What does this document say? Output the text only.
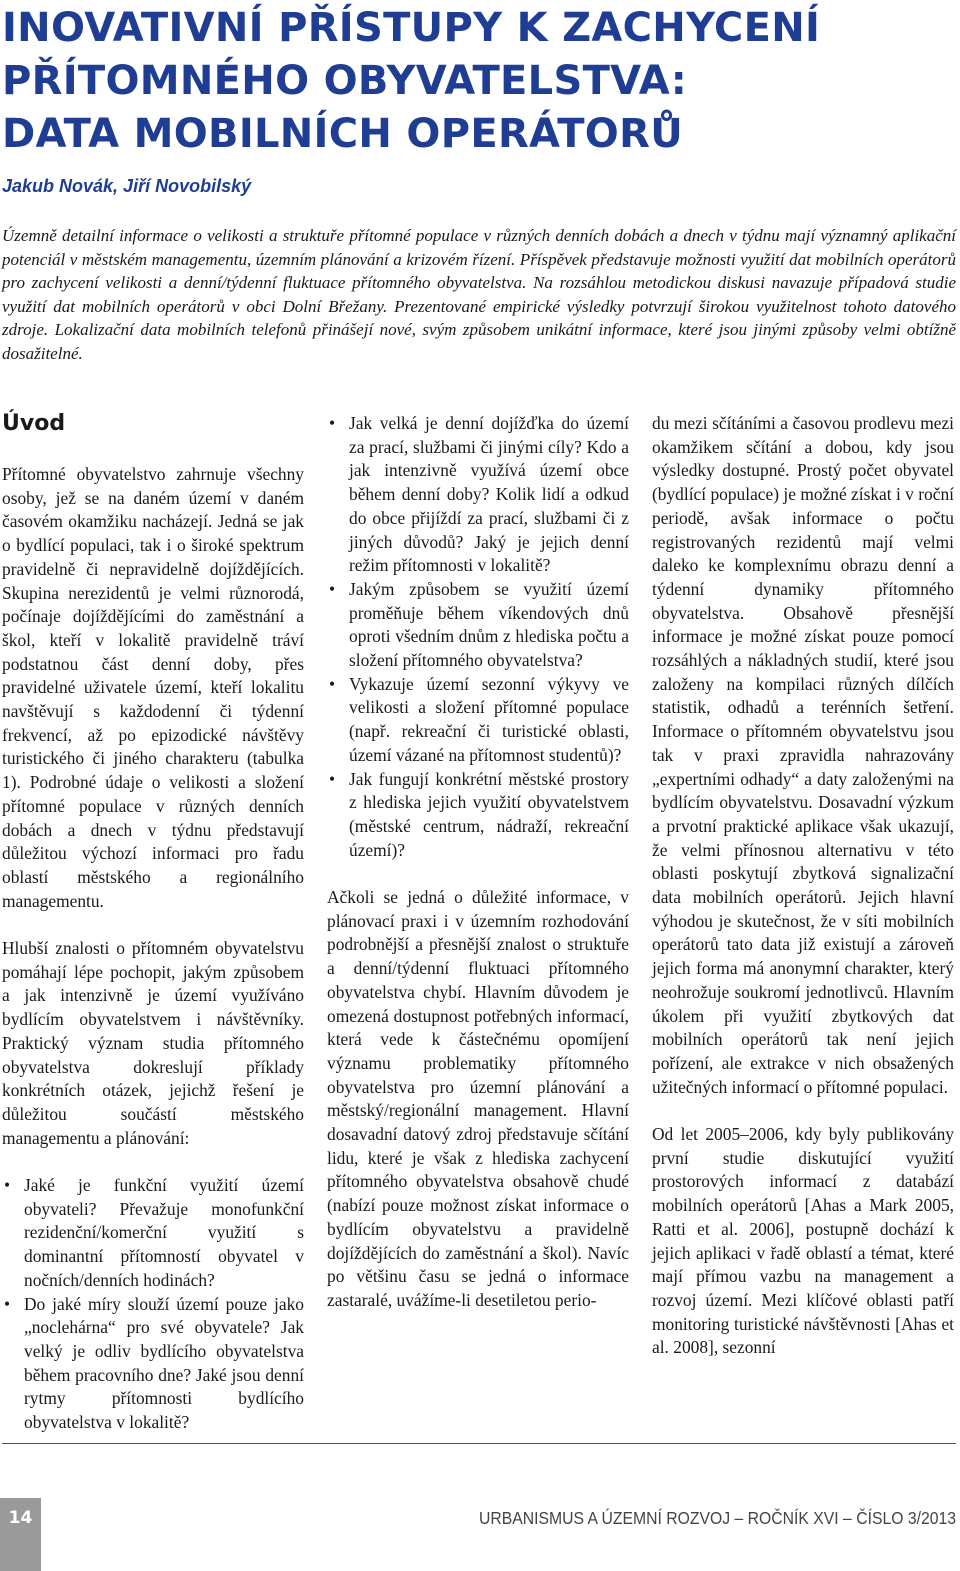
INOVATIVNÍ PŘÍSTUPY K ZACHYCENÍ
PŘÍTOMNÉHO OBYVATELSTVA:
DATA MOBILNÍCH OPERÁTORŮ

Jakub Novák, Jiří Novobilský

Územně detailní informace o velikosti a struktuře přítomné populace v různých denních dobách a dnech v týdnu mají významný aplikační potenciál v městském managementu, územním plánování a krizovém řízení. Příspěvek představuje možnosti využití dat mobilních operátorů pro zachycení velikosti a denní/týdenní fluktuace přítomného obyvatelstva. Na rozsáhlou metodickou diskusi navazuje případová studie využití dat mobilních operátorů v obci Dolní Břežany. Prezentované empirické výsledky potvrzují širokou využitelnost tohoto datového zdroje. Lokalizační data mobilních telefonů přinášejí nové, svým způsobem unikátní informace, které jsou jinými způsoby velmi obtížně dosažitelné.

Úvod

Přítomné obyvatelstvo zahrnuje všechny osoby, jež se na daném území v daném časovém okamžiku nacházejí. Jedná se jak o bydlící populaci, tak i o široké spektrum pravidelně či nepravidelně dojíždějících. Skupina nerezidentů je velmi různorodá, počínaje dojíždějícími do zaměstnání a škol, kteří v lokalitě pravidelně tráví podstatnou část denní doby, přes pravidelné uživatele území, kteří lokalitu navštěvují s každodenní či týdenní frekvencí, až po epizodické návštěvy turistického či jiného charakteru (tabulka 1). Podrobné údaje o velikosti a složení přítomné populace v různých denních dobách a dnech v týdnu představují důležitou výchozí informaci pro řadu oblastí městského a regionálního managementu.

Hlubší znalosti o přítomném obyvatelstvu pomáhají lépe pochopit, jakým způsobem a jak intenzivně je území využíváno bydlícím obyvatelstvem i návštěvníky. Praktický význam studia přítomného obyvatelstva dokreslují příklady konkrétních otázek, jejichž řešení je důležitou součástí městského managementu a plánování:

• Jaké je funkční využití území obyvateli? Převažuje monofunkční rezidenční/komerční využití s dominantní přítomností obyvatel v nočních/denních hodinách?
• Do jaké míry slouží území pouze jako „noclehárna“ pro své obyvatele? Jak velký je odliv bydlícího obyvatelstva během pracovního dne? Jaké jsou denní rytmy přítomnosti bydlícího obyvatelstva v lokalitě?
• Jak velká je denní dojížďka do území za prací, službami či jinými cíly? Kdo a jak intenzivně využívá území obce během denní doby? Kolik lidí a odkud do obce přijíždí za prací, službami či z jiných důvodů? Jaký je jejich denní režim přítomnosti v lokalitě?
• Jakým způsobem se využití území proměňuje během víkendových dnů oproti všedním dnům z hlediska počtu a složení přítomného obyvatelstva?
• Vykazuje území sezonní výkyvy ve velikosti a složení přítomné populace (např. rekreační či turistické oblasti, území vázané na přítomnost studentů)?
• Jak fungují konkrétní městské prostory z hlediska jejich využití obyvatelstvem (městské centrum, nádraží, rekreační území)?

Ačkoli se jedná o důležité informace, v plánovací praxi i v územním rozhodování podrobnější a přesnější znalost o struktuře a denní/týdenní fluktuaci přítomného obyvatelstva chybí. Hlavním důvodem je omezená dostupnost potřebných informací, která vede k částečnému opomíjení významu problematiky přítomného obyvatelstva pro územní plánování a městský/regionální management. Hlavní dosavadní datový zdroj představuje sčítání lidu, které je však z hlediska zachycení přítomného obyvatelstva obsahově chudé (nabízí pouze možnost získat informace o bydlícím obyvatelstvu a pravidelně dojíždějících do zaměstnání a škol). Navíc po většinu času se jedná o informace zastaralé, uvážíme-li desetiletou perio-

du mezi sčítáními a časovou prodlevu mezi okamžikem sčítání a dobou, kdy jsou výsledky dostupné. Prostý počet obyvatel (bydlící populace) je možné získat i v roční periodě, avšak informace o počtu registrovaných rezidentů mají velmi daleko ke komplexnímu obrazu denní a týdenní dynamiky přítomného obyvatelstva. Obsahově přesnější informace je možné získat pouze pomocí rozsáhlých a nákladných studií, které jsou založeny na kompilaci různých dílčích statistik, odhadů a terénních šetření. Informace o přítomném obyvatelstvu jsou tak v praxi zpravidla nahrazovány „expertními odhady“ a daty založenými na bydlícím obyvatelstvu. Dosavadní výzkum a prvotní praktické aplikace však ukazují, že velmi přínosnou alternativu v této oblasti poskytují zbytková signalizační data mobilních operátorů. Jejich hlavní výhodou je skutečnost, že v síti mobilních operátorů tato data již existují a zároveň jejich forma má anonymní charakter, který neohrožuje soukromí jednotlivců. Hlavním úkolem při využití zbytkových dat mobilních operátorů tak není jejich pořízení, ale extrakce v nich obsažených užitečných informací o přítomné populaci.

Od let 2005–2006, kdy byly publikovány první studie diskutující využití prostorových informací z databází mobilních operátorů [Ahas a Mark 2005, Ratti et al. 2006], postupně dochází k jejich aplikaci v řadě oblastí a témat, které mají přímou vazbu na management a rozvoj území. Mezi klíčové oblasti patří monitoring turistické návštěvnosti [Ahas et al. 2008], sezonní

14	URBANISMUS A ÚZEMNÍ ROZVOJ – ROČNÍK XVI – ČÍSLO 3/2013
